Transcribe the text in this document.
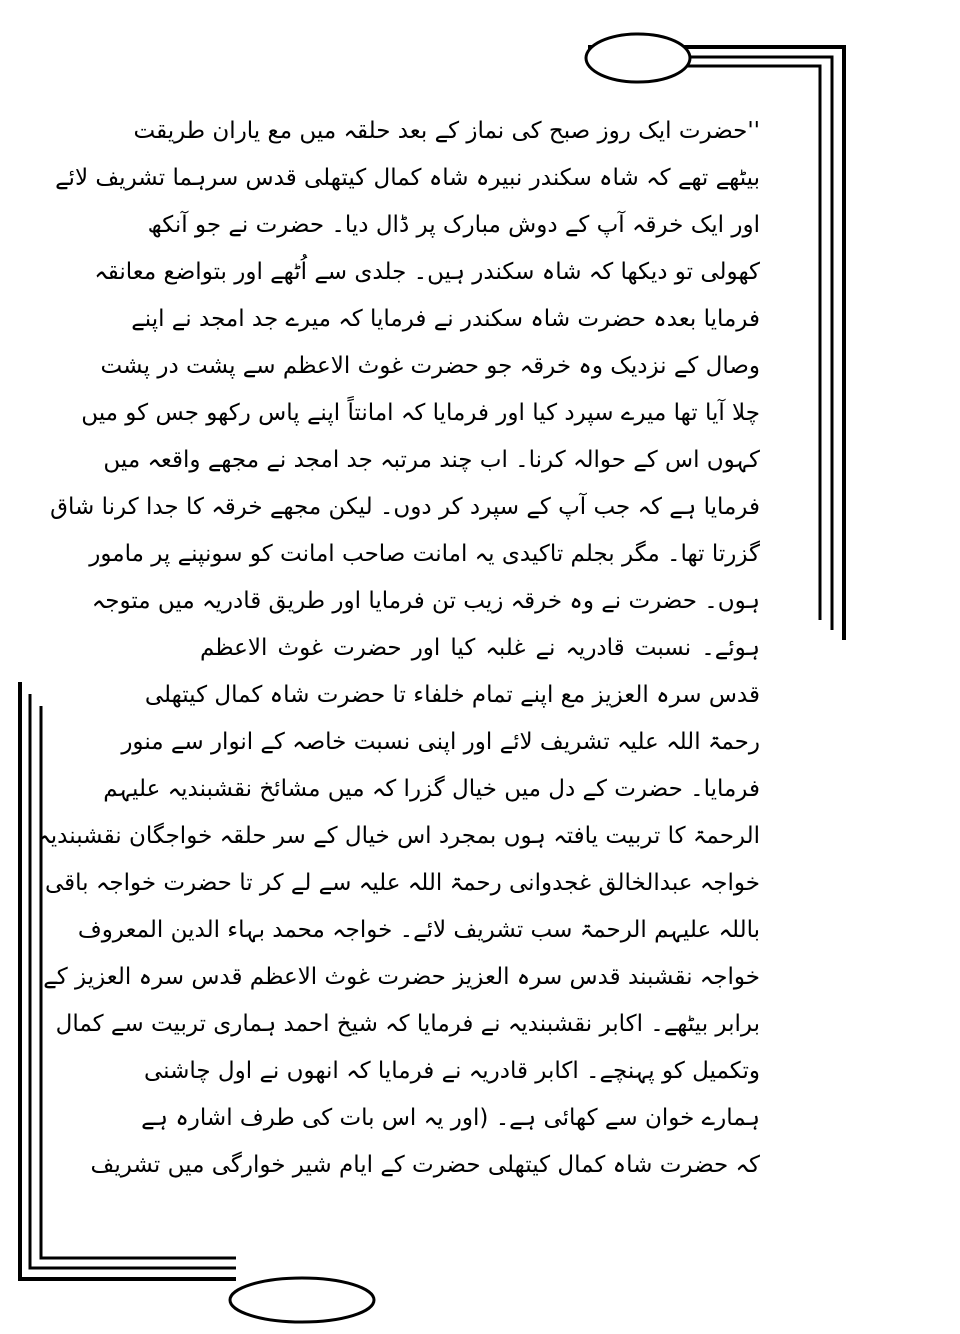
''حضرت ایک روز صبح کی نماز کے بعد حلقہ میں مع یاران طریقت
بیٹھے تھے کہ شاہ سکندر نبیرہ شاہ کمال کیتھلی قدس سرہما تشریف لائے
اور ایک خرقہ آپ کے دوش مبارک پر ڈال دیا۔ حضرت نے جو آنکھ
کھولی تو دیکھا کہ شاہ سکندر ہیں۔ جلدی سے اُٹھے اور بتواضع معانقہ
فرمایا بعدہ حضرت شاہ سکندر نے فرمایا کہ میرے جد امجد نے اپنے
وصال کے نزدیک وہ خرقہ جو حضرت غوث الاعظم سے پشت در پشت
چلا آیا تھا میرے سپرد کیا اور فرمایا کہ امانتاً اپنے پاس رکھو جس کو میں
کہوں اس کے حوالہ کرنا۔ اب چند مرتبہ جد امجد نے مجھے واقعہ میں
فرمایا ہے کہ جب آپ کے سپرد کر دوں۔ لیکن مجھے خرقہ کا جدا کرنا شاق
گزرتا تھا۔ مگر بجلم تاکیدی یہ امانت صاحب امانت کو سونپنے پر مامور
ہوں۔ حضرت نے وہ خرقہ زیب تن فرمایا اور طریق قادریہ میں متوجہ
ہوئے۔ نسبت قادریہ نے غلبہ کیا اور حضرت غوث الاعظم
قدس سرہ العزیز مع اپنے تمام خلفاء تا حضرت شاہ کمال کیتھلی
رحمۃ اللہ علیہ تشریف لائے اور اپنی نسبت خاصہ کے انوار سے منور
فرمایا۔ حضرت کے دل میں خیال گزرا کہ میں مشائخ نقشبندیہ علیہم
الرحمۃ کا تربیت یافتہ ہوں بمجرد اس خیال کے سر حلقہ خواجگان نقشبندیہ
خواجہ عبدالخالق غجدوانی رحمۃ اللہ علیہ سے لے کر تا حضرت خواجہ باقی
باللہ علیہم الرحمۃ سب تشریف لائے۔ خواجہ محمد بہاء الدین المعروف
خواجہ نقشبند قدس سرہ العزیز حضرت غوث الاعظم قدس سرہ العزیز کے
برابر بیٹھے۔ اکابر نقشبندیہ نے فرمایا کہ شیخ احمد ہماری تربیت سے کمال
وتکمیل کو پہنچے۔ اکابر قادریہ نے فرمایا کہ انھوں نے اول چاشنی
ہمارے خوان سے کھائی ہے۔ (اور یہ اس بات کی طرف اشارہ ہے
کہ حضرت شاہ کمال کیتھلی حضرت کے ایام شیر خوارگی میں تشریف
